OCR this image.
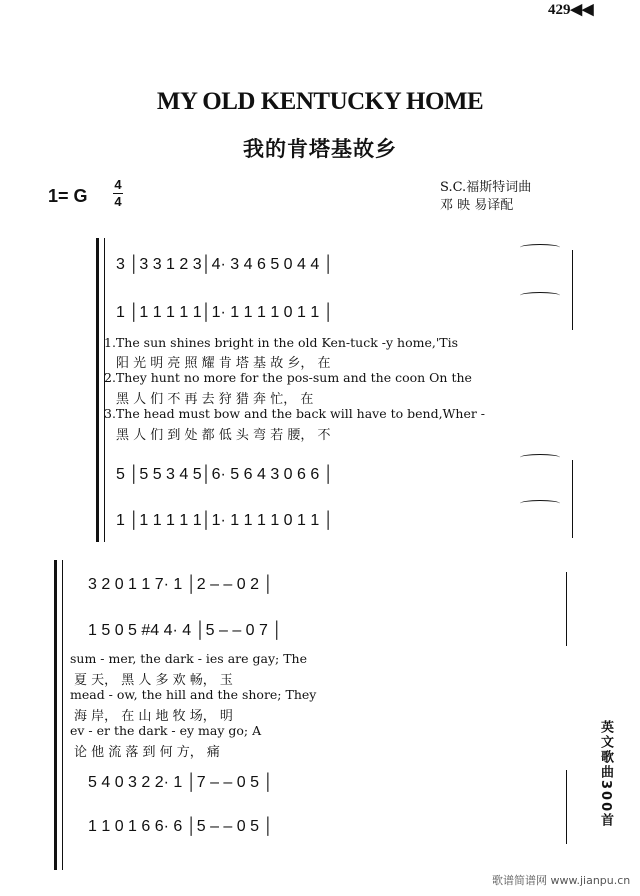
429◀◀
MY OLD KENTUCKY HOME
我的肯塔基故乡
1= G
4
4
S.C.福斯特词曲
邓 映 易译配
3 │3 3 1 2 3│4· 3 4 6 5 0 4 4 │
1 │1 1 1 1 1│1· 1 1 1 1 0 1 1 │
1.The sun shines bright in the old Ken-tuck -y home,'Tis
阳 光 明 亮 照 耀 肯 塔 基 故 乡， 在
2.They hunt no more for the pos-sum and the coon On the
黑 人 们 不 再 去 狩 猎 奔 忙， 在
3.The head must bow and the back will have to bend,Wher -
黑 人 们 到 处 都 低 头 弯 若 腰， 不
5 │5 5 3 4 5│6· 5 6 4 3 0 6 6 │
1 │1 1 1 1 1│1· 1 1 1 1 0 1 1 │
3 2 0 1 1 7· 1 │2 – – 0 2 │
1 5 0 5 #4 4· 4 │5 – – 0 7 │
sum - mer, the dark - ies are gay; The
夏 天， 黑 人 多 欢 畅， 玉
mead - ow, the hill and the shore; They
海 岸， 在 山 地 牧 场， 明
ev - er the dark - ey may go; A
论 他 流 落 到 何 方， 痛
5 4 0 3 2 2· 1 │7 – – 0 5 │
1 1 0 1 6 6· 6 │5 – – 0 5 │	英文歌曲300首
歌谱简谱网 www.jianpu.cn
